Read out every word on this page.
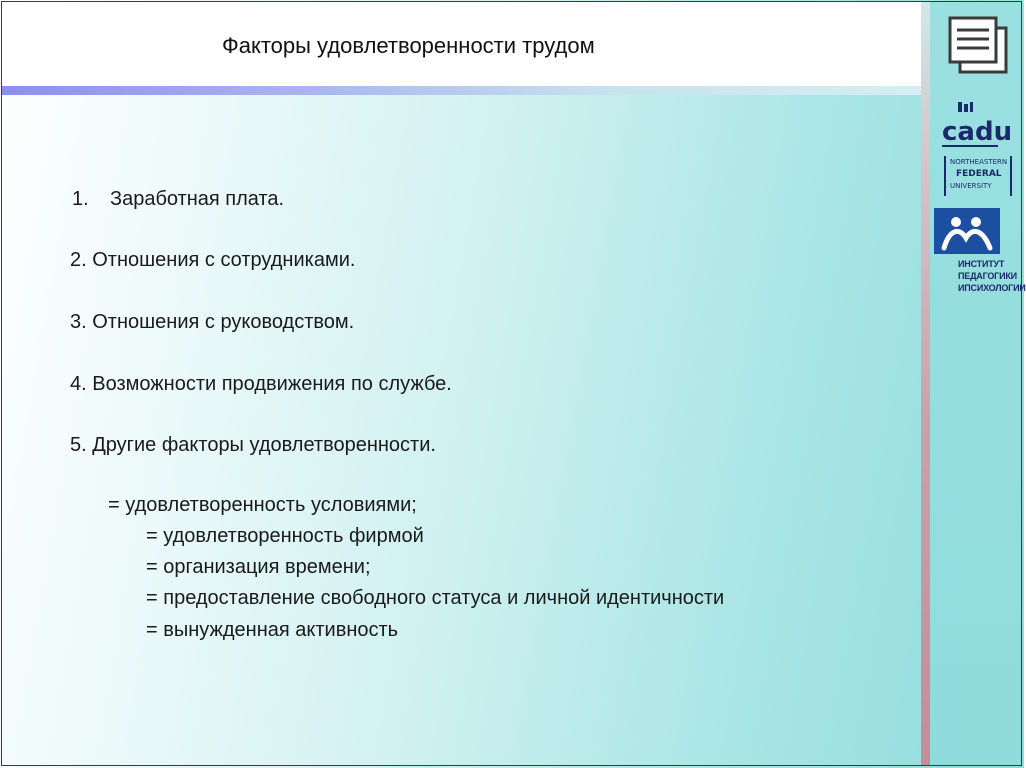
Факторы удовлетворенности трудом
cadu
NORTHEASTERN
FEDERAL
UNIVERSITY
ИНСТИТУТ
ПЕДАГОГИКИ
ИПСИХОЛОГИИ
1. Заработная плата.
2. Отношения с сотрудниками.
3. Отношения с руководством.
4. Возможности продвижения по службе.
5. Другие факторы удовлетворенности.
= удовлетворенность условиями;
= удовлетворенность фирмой
= организация времени;
= предоставление свободного статуса и личной идентичности
= вынужденная активность
